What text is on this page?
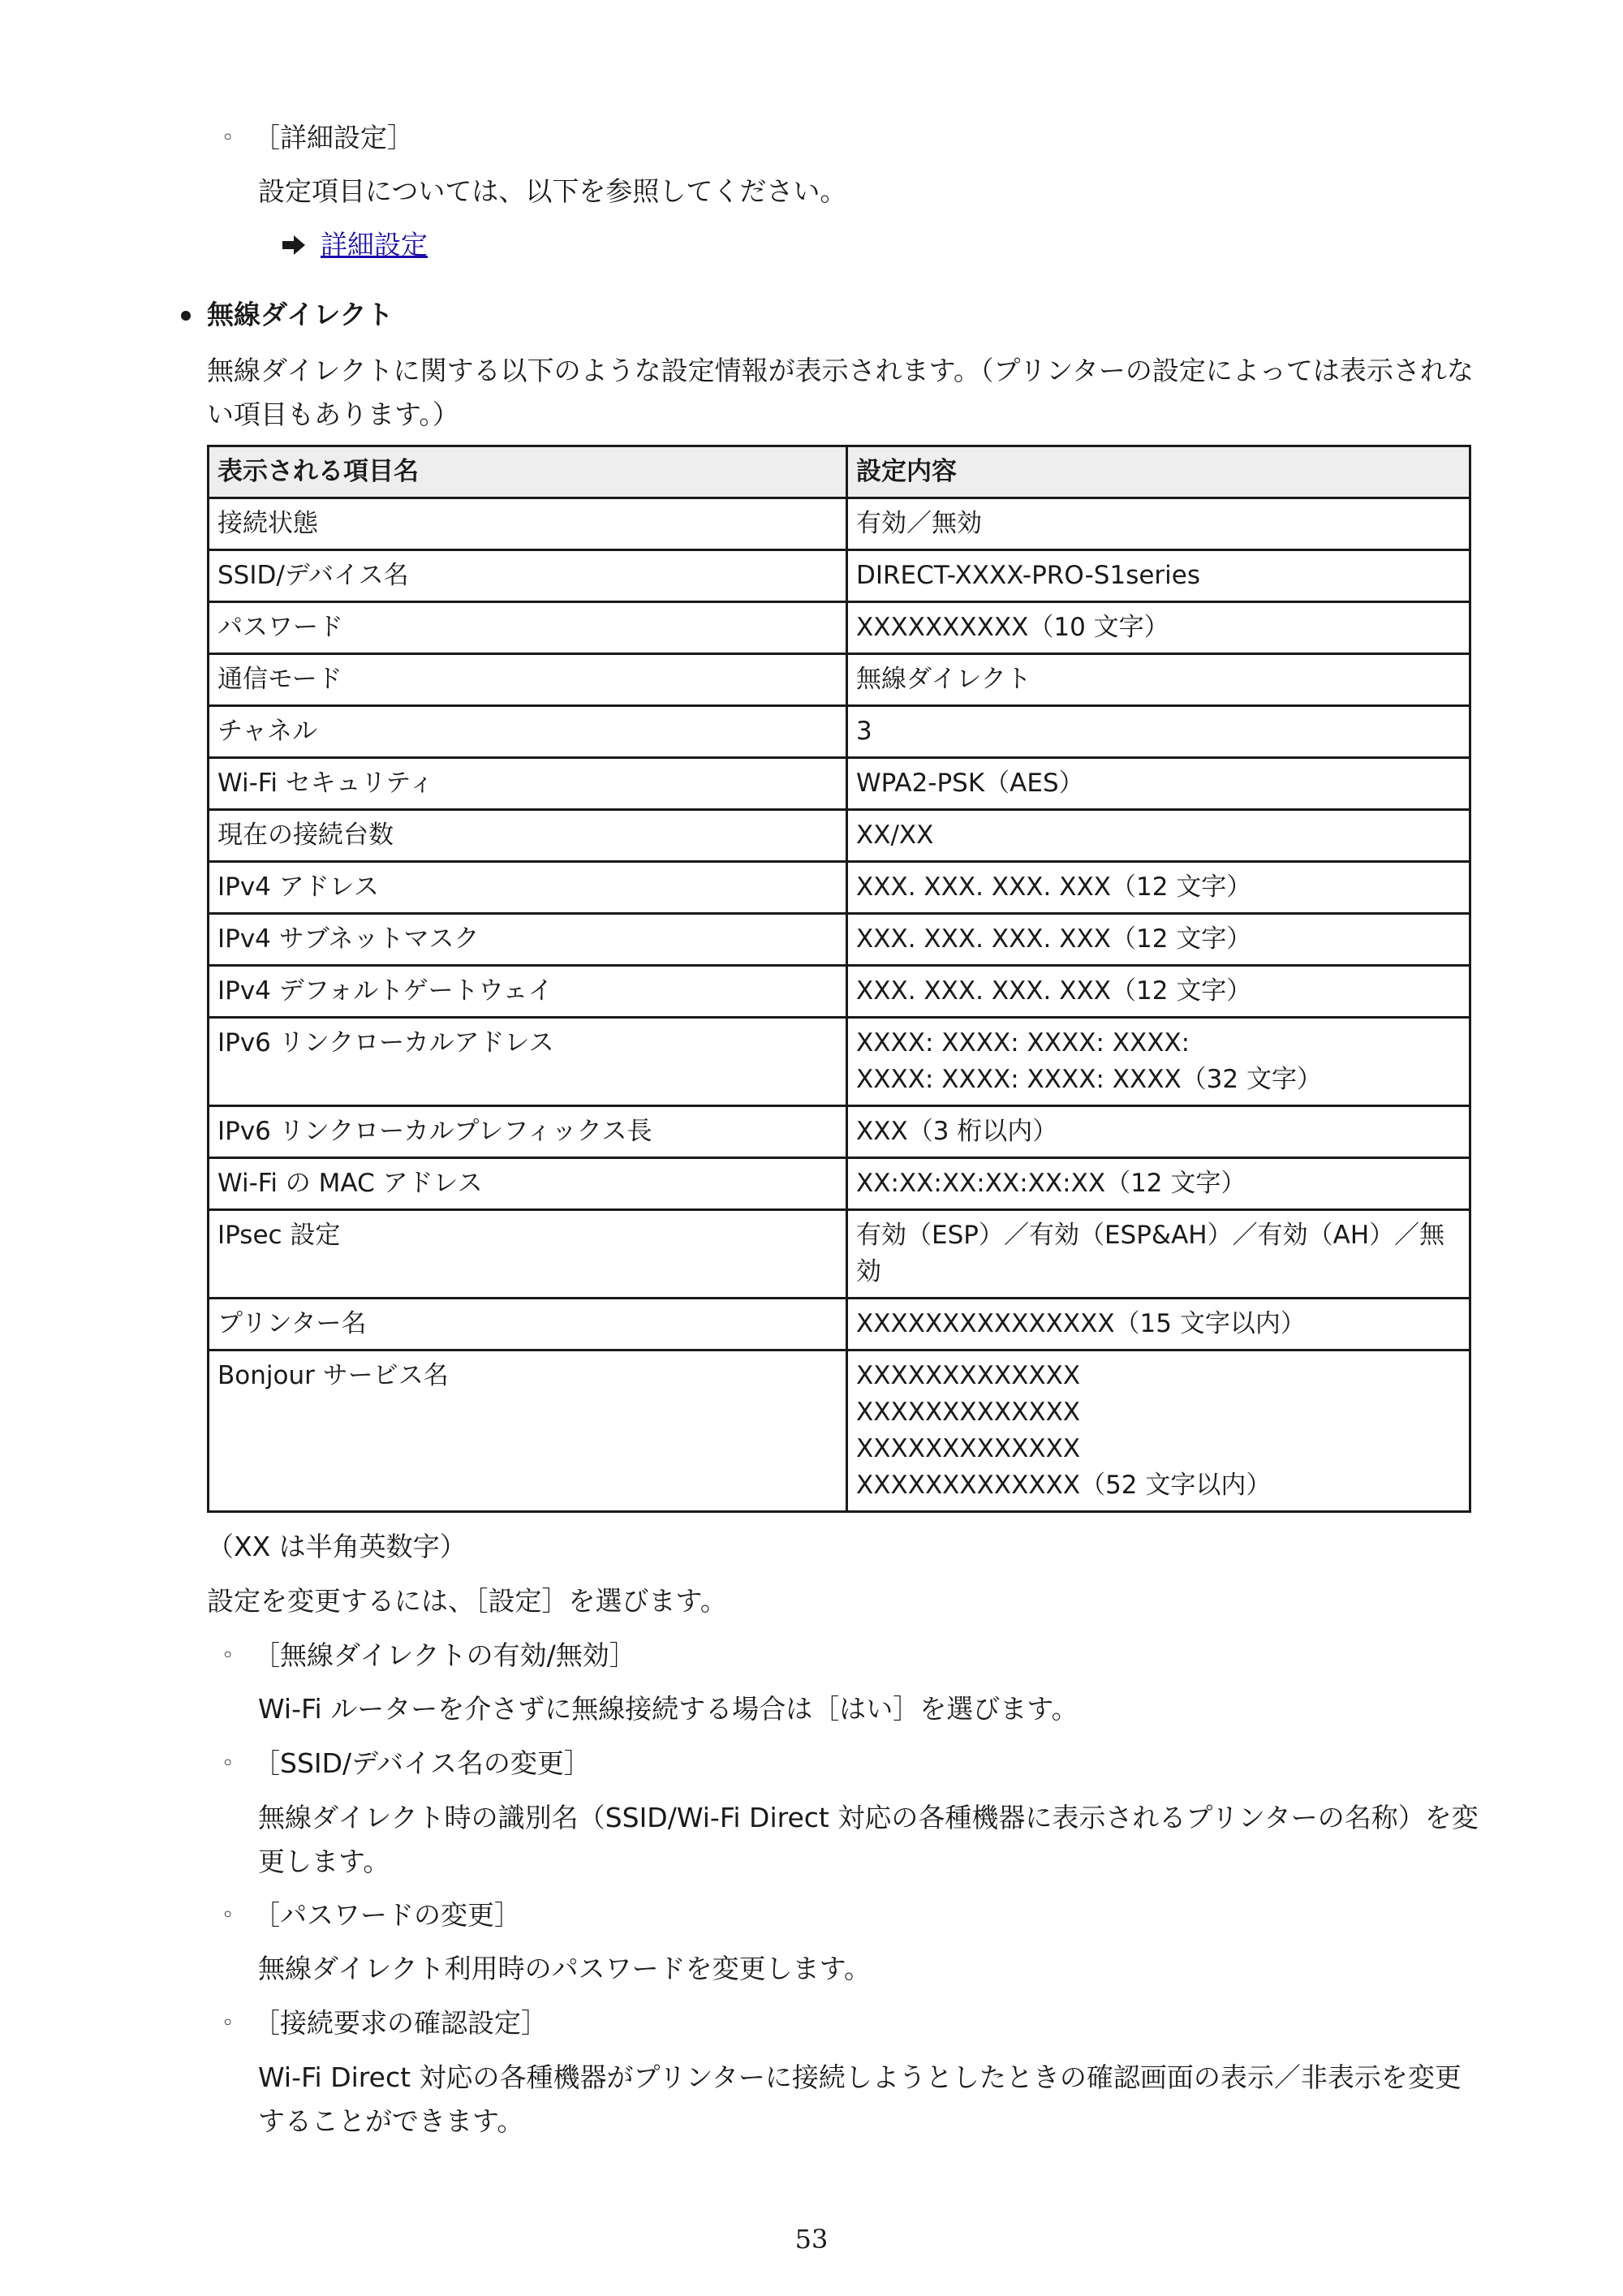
◦ ［詳細設定］
設定項目については、以下を参照してください。
詳細設定
無線ダイレクト
無線ダイレクトに関する以下のような設定情報が表示されます。（プリンターの設定によっては表示されない項目もあります。）
表示される項目名	設定内容
接続状態	有効／無効

SSID/デバイス名	DIRECT-XXXX-PRO-S1series

パスワード	XXXXXXXXXX（10 文字）

通信モード	無線ダイレクト

チャネル	3

Wi-Fi セキュリティ	WPA2-PSK（AES）

現在の接続台数	XX/XX

IPv4 アドレス	XXX. XXX. XXX. XXX（12 文字）

IPv4 サブネットマスク	XXX. XXX. XXX. XXX（12 文字）

IPv4 デフォルトゲートウェイ	XXX. XXX. XXX. XXX（12 文字）

IPv6 リンクローカルアドレス	XXXX: XXXX: XXXX: XXXX:
XXXX: XXXX: XXXX: XXXX（32 文字）

IPv6 リンクローカルプレフィックス長	XXX（3 桁以内）

Wi-Fi の MAC アドレス	XX:XX:XX:XX:XX:XX（12 文字）

IPsec 設定	有効（ESP）／有効（ESP&AH）／有効（AH）／無効

プリンター名	XXXXXXXXXXXXXXX（15 文字以内）

Bonjour サービス名	XXXXXXXXXXXXX
XXXXXXXXXXXXX
XXXXXXXXXXXXX
XXXXXXXXXXXXX（52 文字以内）
（XX は半角英数字）
設定を変更するには、［設定］を選びます。
◦ ［無線ダイレクトの有効/無効］
Wi-Fi ルーターを介さずに無線接続する場合は［はい］を選びます。
◦ ［SSID/デバイス名の変更］
無線ダイレクト時の識別名（SSID/Wi-Fi Direct 対応の各種機器に表示されるプリンターの名称）を変更します。
◦ ［パスワードの変更］
無線ダイレクト利用時のパスワードを変更します。
◦ ［接続要求の確認設定］
Wi-Fi Direct 対応の各種機器がプリンターに接続しようとしたときの確認画面の表示／非表示を変更することができます。
53
